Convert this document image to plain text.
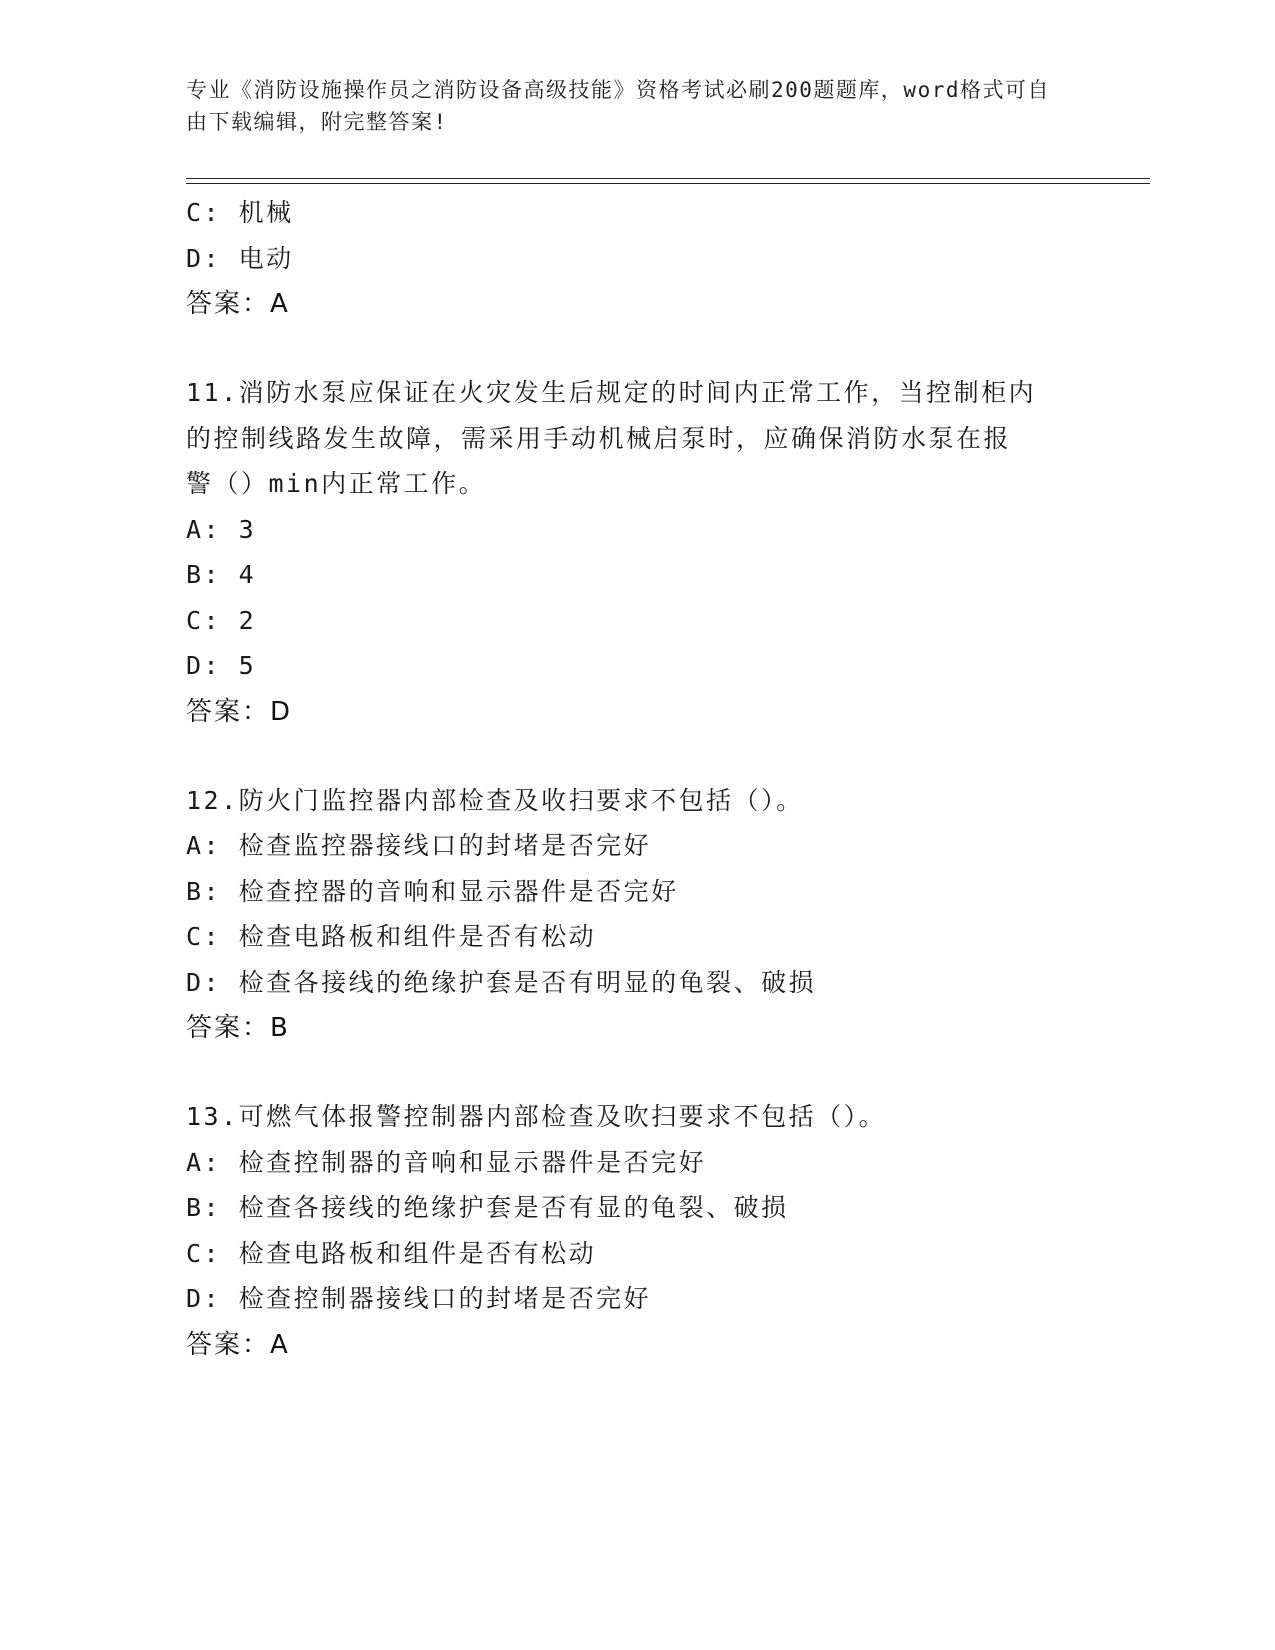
专业《消防设施操作员之消防设备高级技能》资格考试必刷200题题库，word格式可自由下载编辑，附完整答案!
C: 机械
D: 电动
答案：A
11.消防水泵应保证在火灾发生后规定的时间内正常工作，当控制柜内
的控制线路发生故障，需采用手动机械启泵时，应确保消防水泵在报
警（）min内正常工作。
A: 3
B: 4
C: 2
D: 5
答案：D
12.防火门监控器内部检查及收扫要求不包括（）。
A: 检查监控器接线口的封堵是否完好
B: 检查控器的音响和显示器件是否完好
C: 检查电路板和组件是否有松动
D: 检查各接线的绝缘护套是否有明显的龟裂、破损
答案：B
13.可燃气体报警控制器内部检查及吹扫要求不包括（）。
A: 检查控制器的音响和显示器件是否完好
B: 检查各接线的绝缘护套是否有显的龟裂、破损
C: 检查电路板和组件是否有松动
D: 检查控制器接线口的封堵是否完好
答案：A
